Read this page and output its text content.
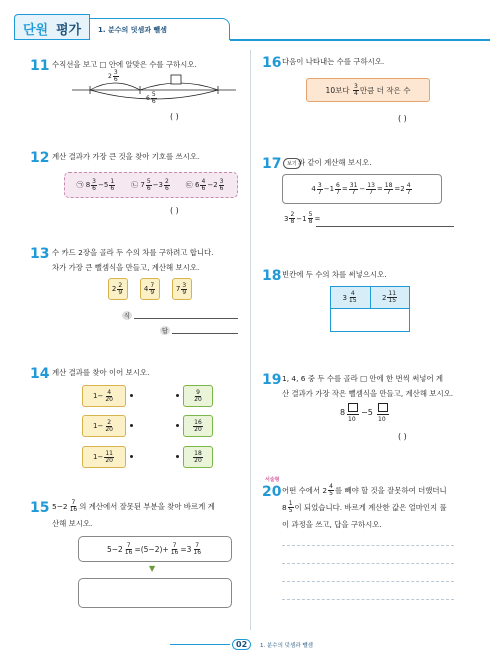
단원 평가 1. 분수의 덧셈과 뺄셈
11 수직선을 보고 □ 안에 알맞은 수를 구하시오.
$2 \frac{3}{6}$
$6 \frac{5}{6}$
( )
12 계산 결과가 가장 큰 것을 찾아 기호를 쓰시오.
㉠
$8 \frac{3}{6} - 5 \frac{1}{6}$ ㉡
$7 \frac{5}{6} - 3 \frac{2}{6}$ ㉢
$6 \frac{4}{6} - 2 \frac{3}{6}$
( )
13 수 카드 2장을 골라 두 수의 차를 구하려고 합니다.
차가 가장 큰 뺄셈식을 만들고, 계산해 보시오.
$2 \frac{2}{9}$	$4 \frac{7}{9}$	$7 \frac{3}{9}$
식
답
14 계산 결과를 찾아 이어 보시오.
$1 - \frac{4}{20}$
$1 - \frac{2}{20}$
$1 - \frac{11}{20}$
$\frac{9}{20}$
$\frac{16}{20}$
$\frac{18}{20}$
15 $5-2 \frac{7}{16}$ 의 계산에서 잘못된 부분을 찾아 바르게 계
산해 보시오.
$5-2 \frac{7}{16} =(5-2)+ \frac{7}{16} =3 \frac{7}{16}$
▼
16 다음이 나타내는 수를 구하시오.
10보다
$\frac{3}{4}$ 만큼 더 작은 수
( )
17	보기 와 같이 계산해 보시오.
$4 \frac{3}{7} - 1 \frac{6}{7} = \frac{31}{7} - \frac{13}{7} = \frac{18}{7} = 2 \frac{4}{7}$
$3 \frac{2}{8} - 1 \frac{5}{8}$ =
18 빈칸에 두 수의 차를 써넣으시오.
$3 \frac{4}{15}$	$2 \frac{11}{15}$
19 1, 4, 6 중 두 수를 골라 □ 안에 한 번씩 써넣어 계
산 결과가 가장 작은 뺄셈식을 만들고, 계산해 보시오.
8
10
−5
10
( )
서술형
20 어떤 수에서 $2 \frac{4}{5}$ 를 빼야 할 것을 잘못하여 더했더니
$8 \frac{1}{5}$ 이 되었습니다. 바르게 계산한 값은 얼마인지 풀
이 과정을 쓰고, 답을 구하시오.
02	1. 분수의 덧셈과 뺄셈
